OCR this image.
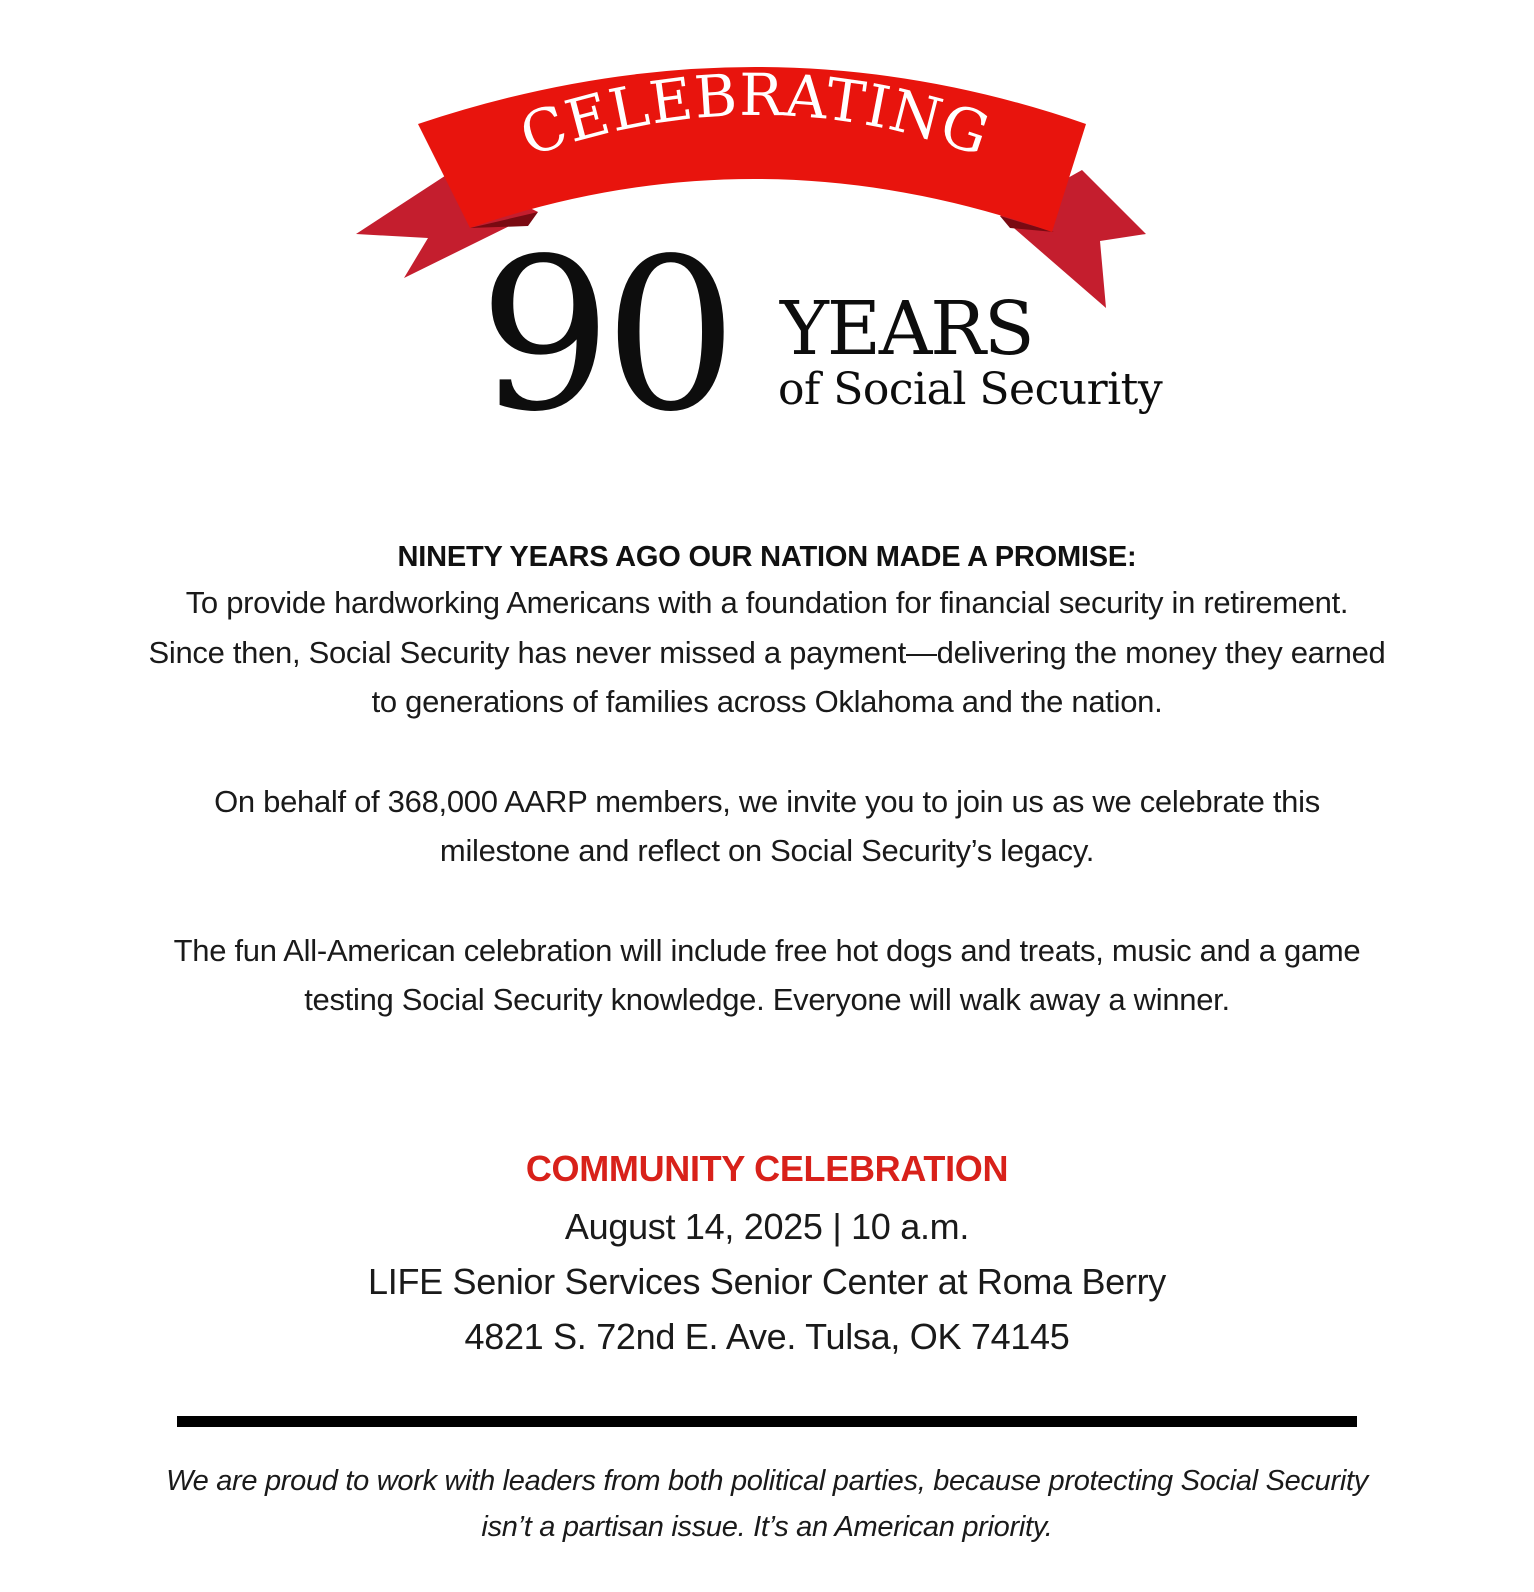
CELEBRATING
90 YEARS
of Social Security
NINETY YEARS AGO OUR NATION MADE A PROMISE:
To provide hardworking Americans with a foundation for financial security in retirement. Since then, Social Security has never missed a payment—delivering the money they earned to generations of families across Oklahoma and the nation.
On behalf of 368,000 AARP members, we invite you to join us as we celebrate this milestone and reflect on Social Security’s legacy.
The fun All-American celebration will include free hot dogs and treats, music and a game testing Social Security knowledge. Everyone will walk away a winner.
COMMUNITY CELEBRATION
August 14, 2025 | 10 a.m.
LIFE Senior Services Senior Center at Roma Berry
4821 S. 72nd E. Ave. Tulsa, OK 74145
We are proud to work with leaders from both political parties, because protecting Social Security isn’t a partisan issue. It’s an American priority.
